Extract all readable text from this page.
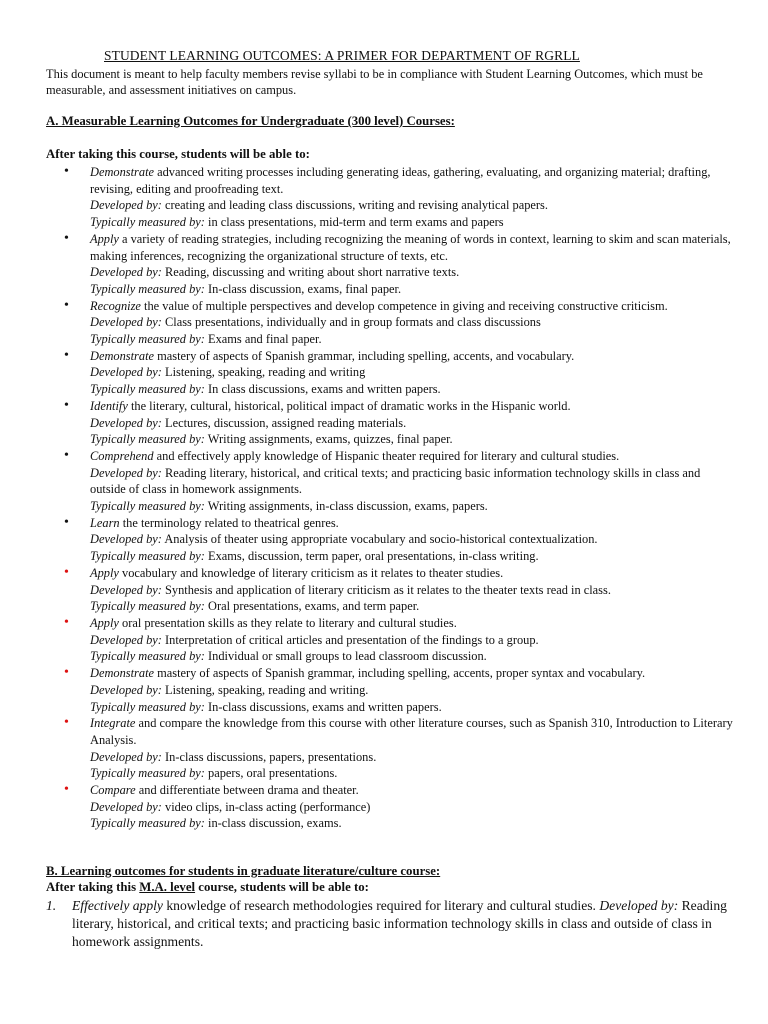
STUDENT LEARNING OUTCOMES: A PRIMER FOR DEPARTMENT OF RGRLL
This document is meant to help faculty members revise syllabi to be in compliance with Student Learning Outcomes, which must be measurable, and assessment initiatives on campus.
A. Measurable Learning Outcomes for Undergraduate (300 level) Courses:
After taking this course, students will be able to:
• Demonstrate advanced writing processes including generating ideas, gathering, evaluating, and organizing material; drafting, revising, editing and proofreading text.
Developed by: creating and leading class discussions, writing and revising analytical papers.
Typically measured by: in class presentations, mid-term and term exams and papers
• Apply a variety of reading strategies, including recognizing the meaning of words in context, learning to skim and scan materials, making inferences, recognizing the organizational structure of texts, etc.
Developed by: Reading, discussing and writing about short narrative texts.
Typically measured by: In-class discussion, exams, final paper.
• Recognize the value of multiple perspectives and develop competence in giving and receiving constructive criticism.
Developed by: Class presentations, individually and in group formats and class discussions
Typically measured by: Exams and final paper.
• Demonstrate mastery of aspects of Spanish grammar, including spelling, accents, and vocabulary.
Developed by: Listening, speaking, reading and writing
Typically measured by: In class discussions, exams and written papers.
• Identify the literary, cultural, historical, political impact of dramatic works in the Hispanic world.
Developed by: Lectures, discussion, assigned reading materials.
Typically measured by: Writing assignments, exams, quizzes, final paper.
• Comprehend and effectively apply knowledge of Hispanic theater required for literary and cultural studies.
Developed by: Reading literary, historical, and critical texts; and practicing basic information technology skills in class and outside of class in homework assignments.
Typically measured by: Writing assignments, in-class discussion, exams, papers.
• Learn the terminology related to theatrical genres.
Developed by: Analysis of theater using appropriate vocabulary and socio-historical contextualization.
Typically measured by: Exams, discussion, term paper, oral presentations, in-class writing.
• Apply vocabulary and knowledge of literary criticism as it relates to theater studies.
Developed by: Synthesis and application of literary criticism as it relates to the theater texts read in class.
Typically measured by: Oral presentations, exams, and term paper.
• Apply oral presentation skills as they relate to literary and cultural studies.
Developed by: Interpretation of critical articles and presentation of the findings to a group.
Typically measured by: Individual or small groups to lead classroom discussion.
• Demonstrate mastery of aspects of Spanish grammar, including spelling, accents, proper syntax and vocabulary.
Developed by: Listening, speaking, reading and writing.
Typically measured by: In-class discussions, exams and written papers.
• Integrate and compare the knowledge from this course with other literature courses, such as Spanish 310, Introduction to Literary Analysis.
Developed by: In-class discussions, papers, presentations.
Typically measured by: papers, oral presentations.
• Compare and differentiate between drama and theater.
Developed by: video clips, in-class acting (performance)
Typically measured by: in-class discussion, exams.
B. Learning outcomes for students in graduate literature/culture course:
After taking this M.A. level course, students will be able to:
1. Effectively apply knowledge of research methodologies required for literary and cultural studies. Developed by: Reading literary, historical, and critical texts; and practicing basic information technology skills in class and outside of class in homework assignments.
